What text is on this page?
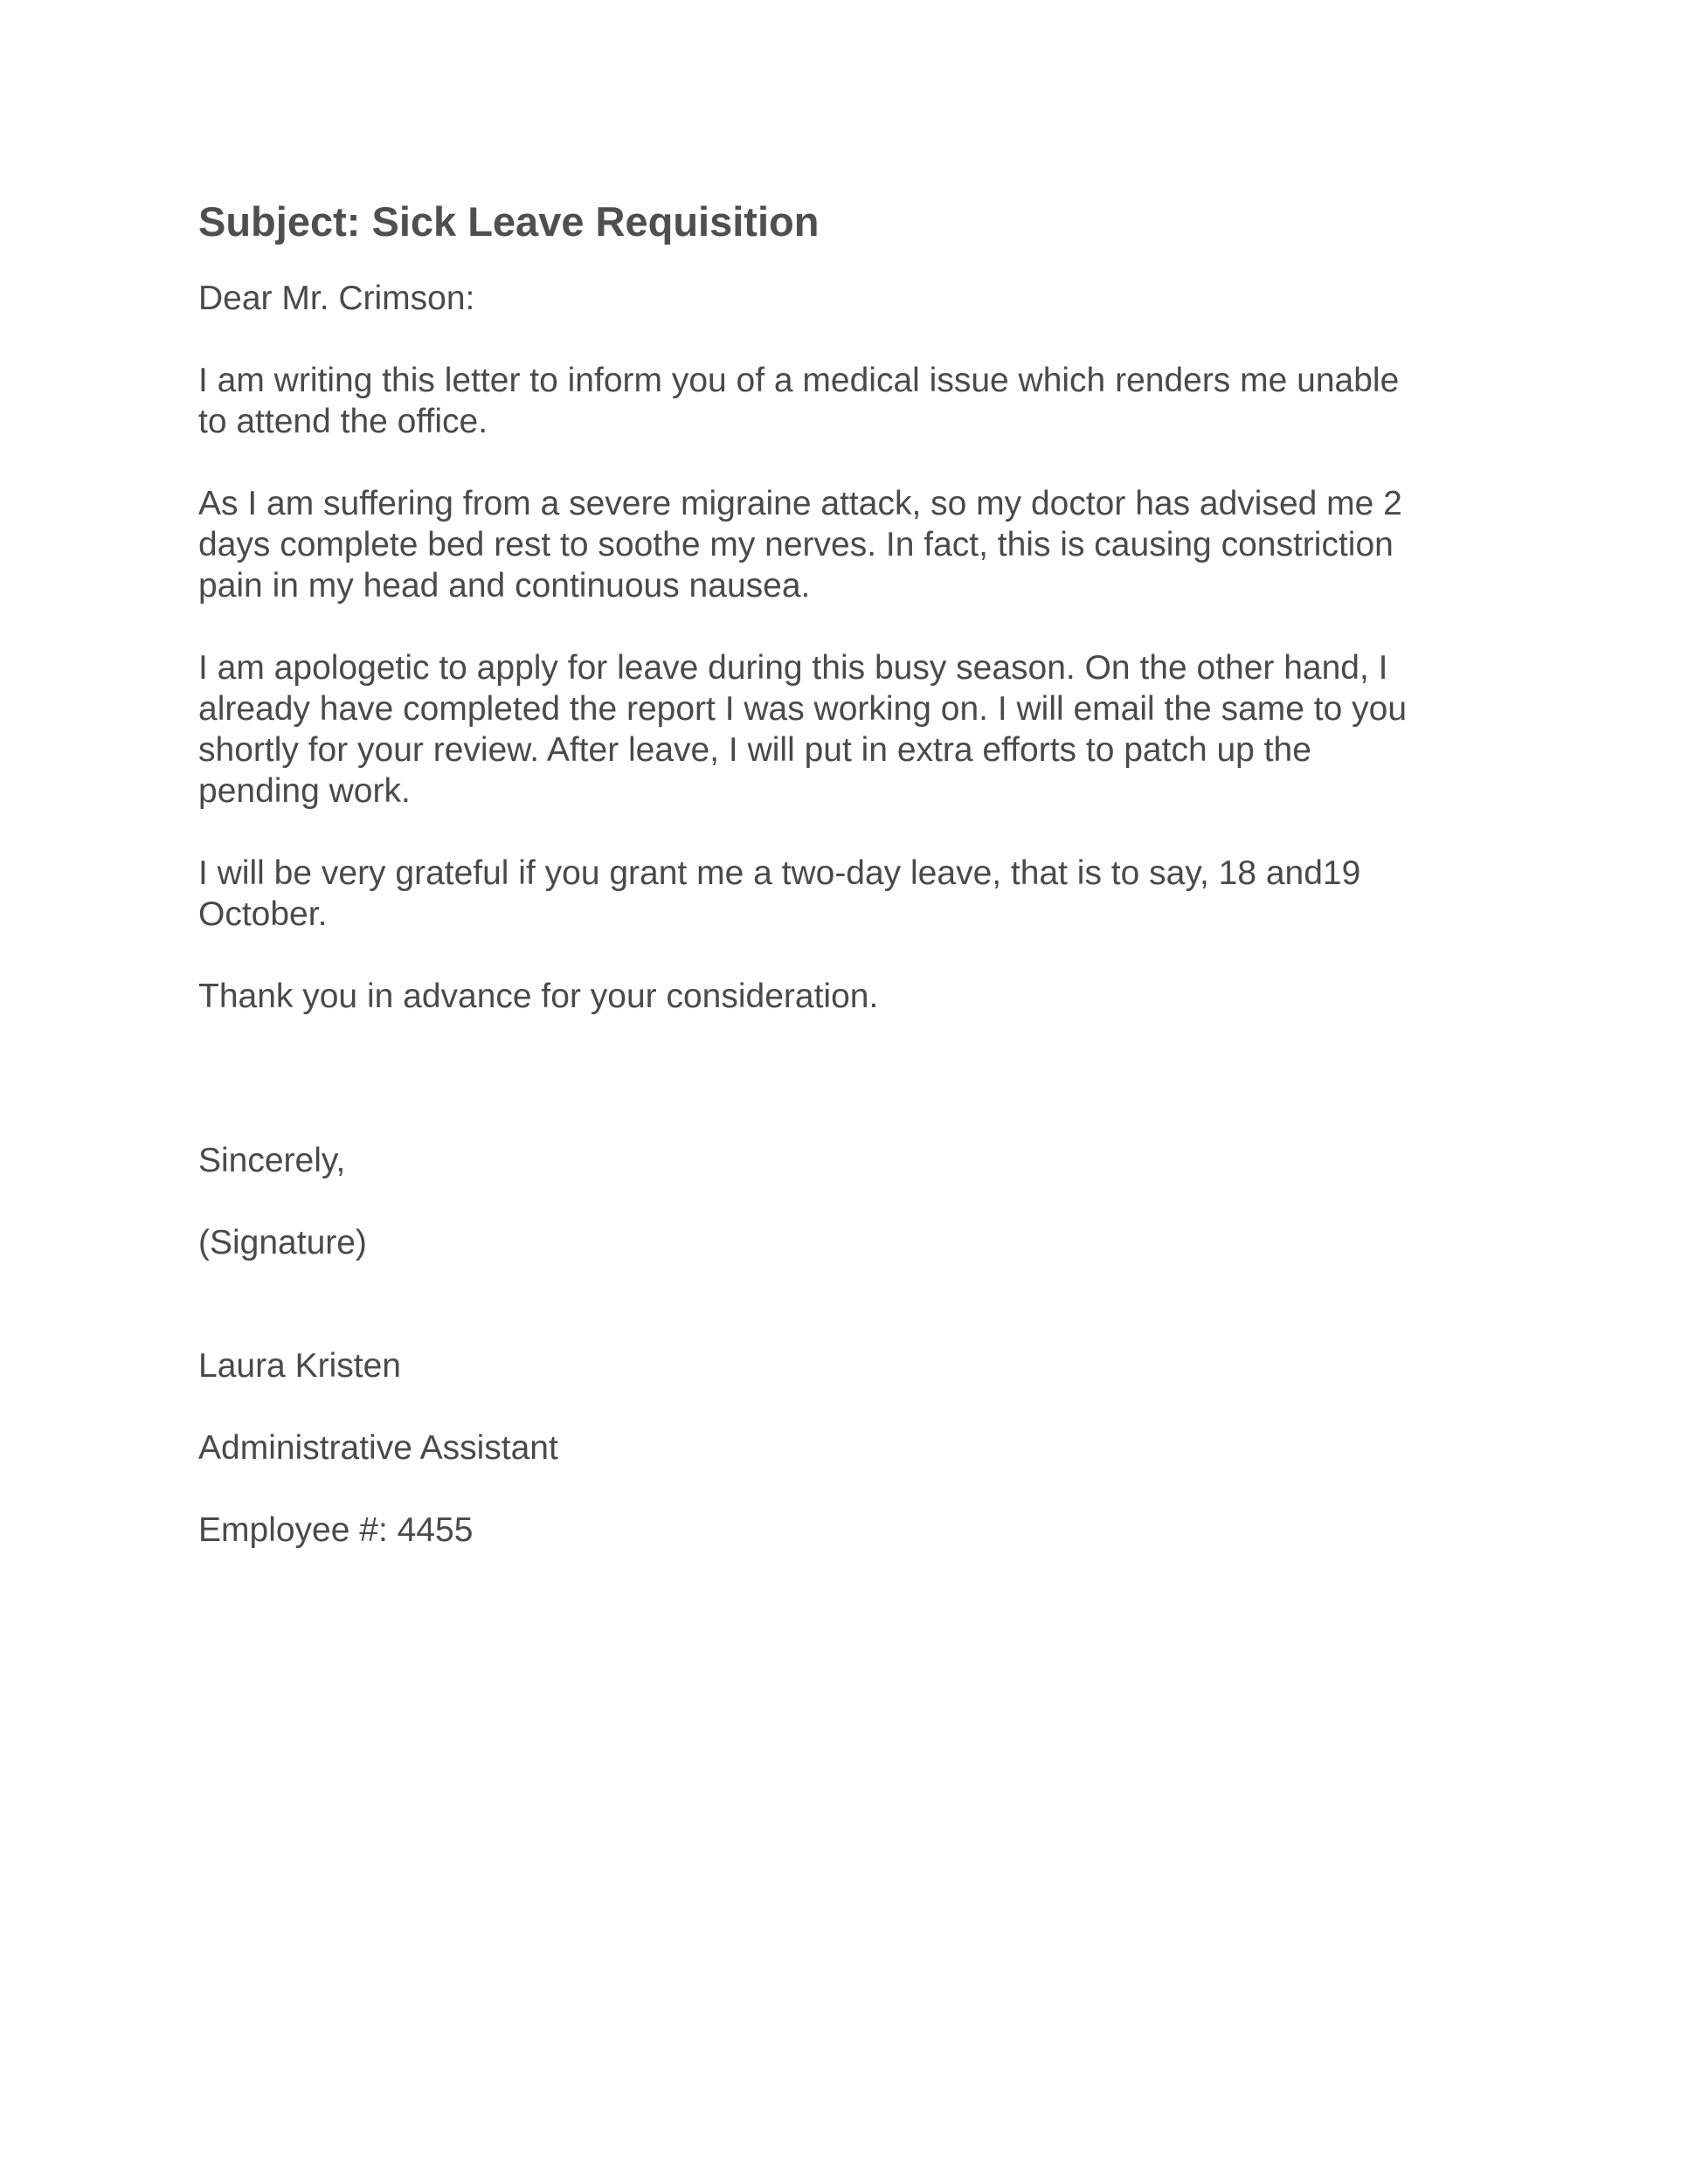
Subject: Sick Leave Requisition

Dear Mr. Crimson:

I am writing this letter to inform you of a medical issue which renders me unable
to attend the office.

As I am suffering from a severe migraine attack, so my doctor has advised me 2
days complete bed rest to soothe my nerves. In fact, this is causing constriction
pain in my head and continuous nausea.

I am apologetic to apply for leave during this busy season. On the other hand, I
already have completed the report I was working on. I will email the same to you
shortly for your review. After leave, I will put in extra efforts to patch up the
pending work.

I will be very grateful if you grant me a two-day leave, that is to say, 18 and19
October.

Thank you in advance for your consideration.

Sincerely,

(Signature)

Laura Kristen

Administrative Assistant

Employee #: 4455
